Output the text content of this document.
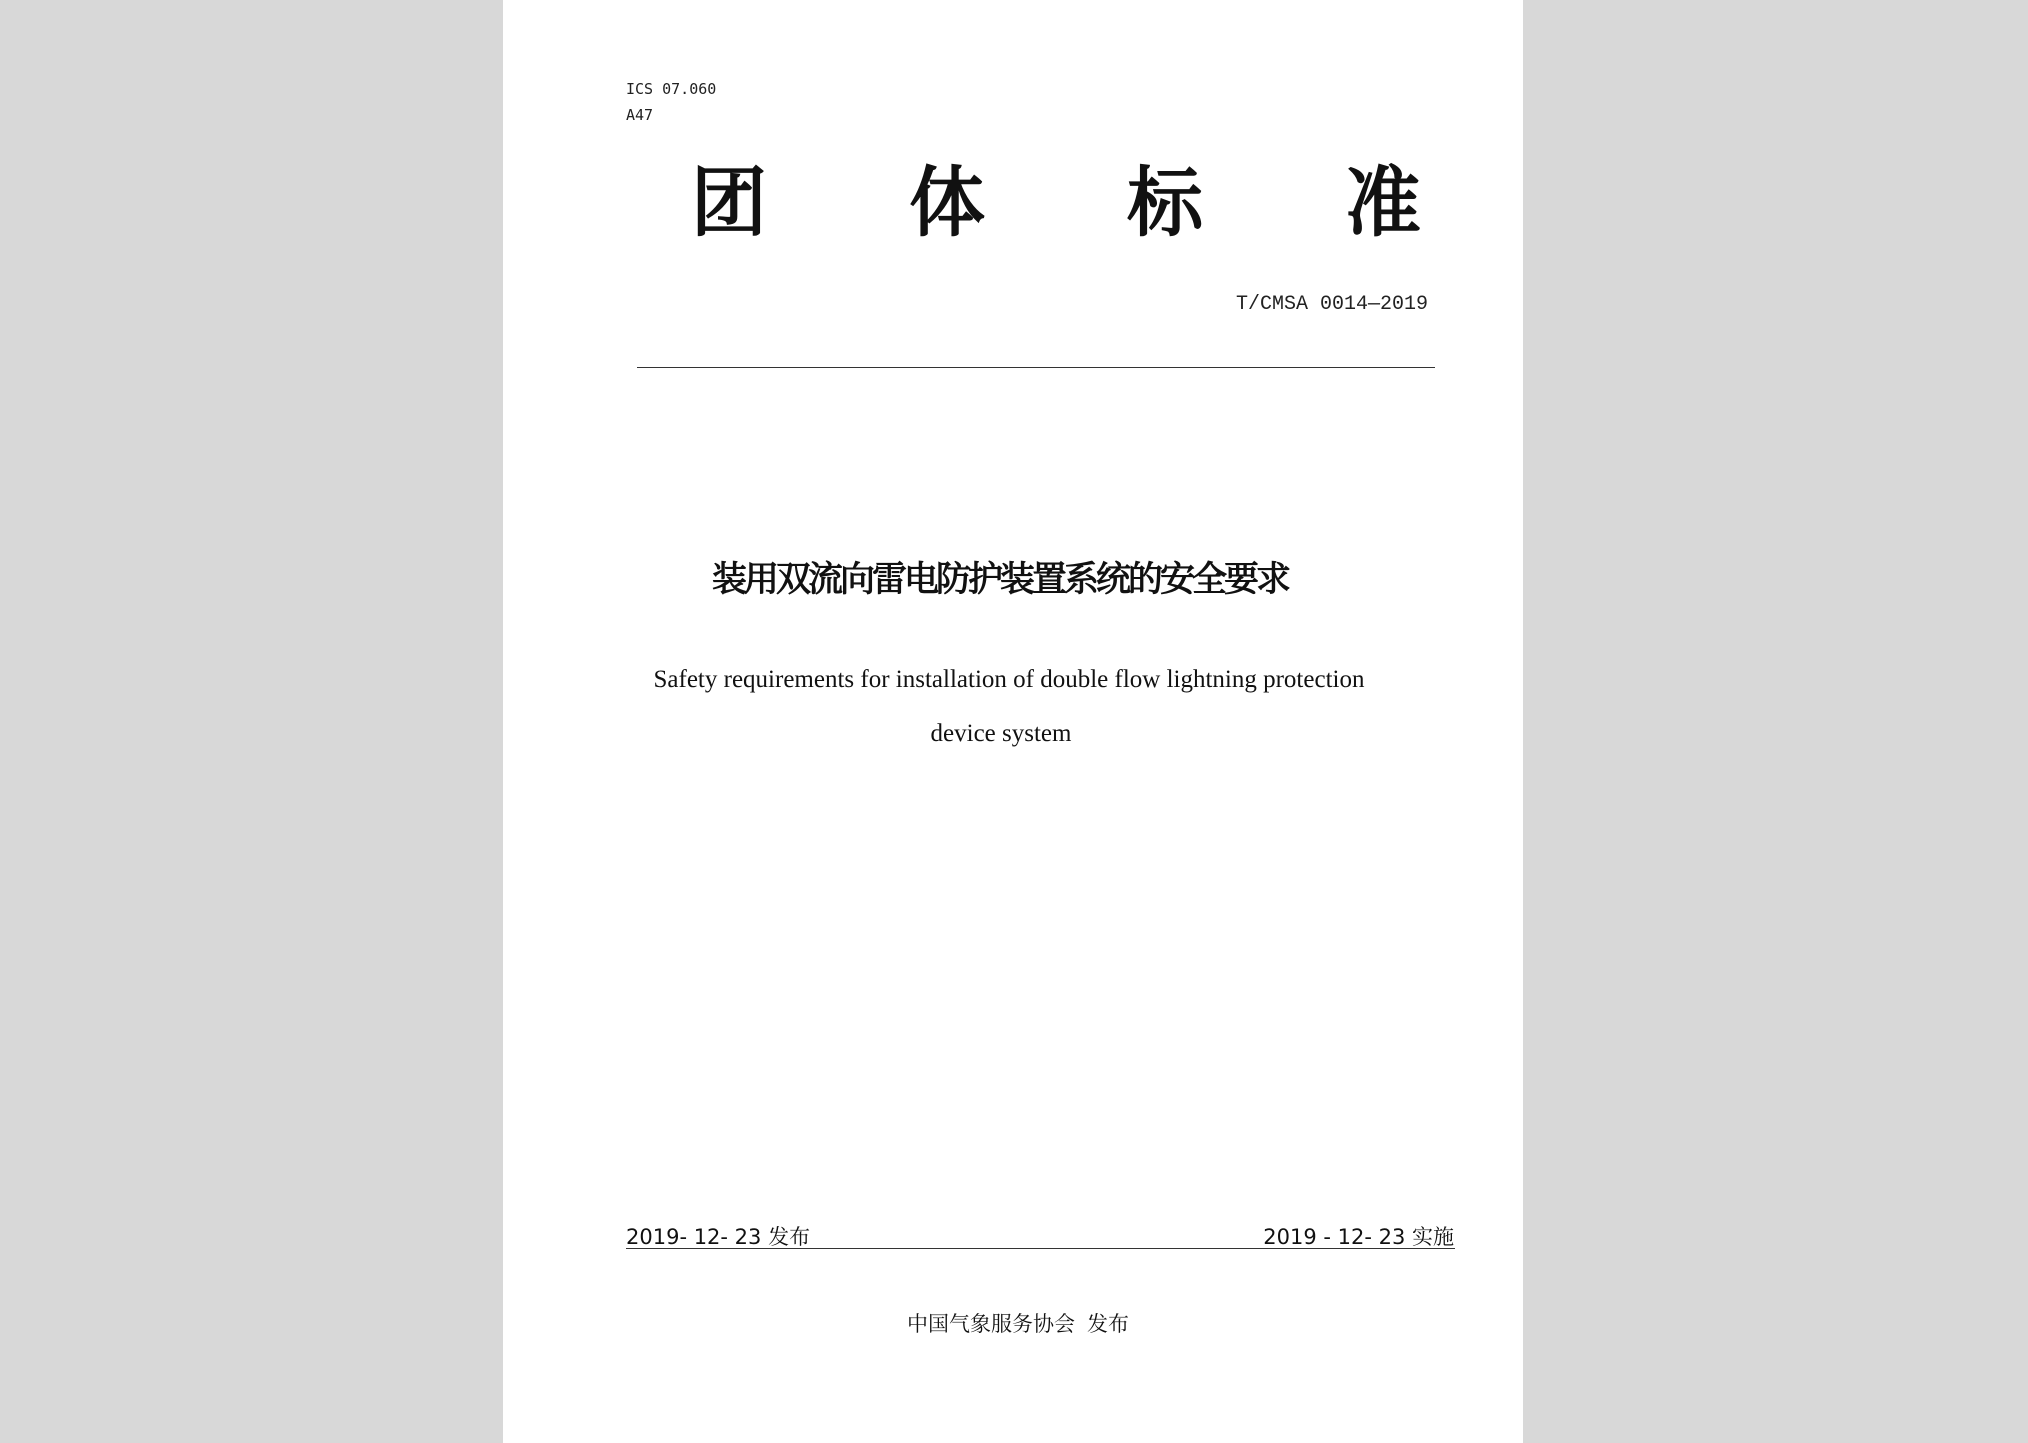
ICS 07.060
A47
团 体 标 准
T/CMSA 0014—2019
装用双流向雷电防护装置系统的安全要求
Safety requirements for installation of double flow lightning protection
device system
2019- 12- 23 发布	2019 - 12- 23 实施
中国气象服务协会 发布
